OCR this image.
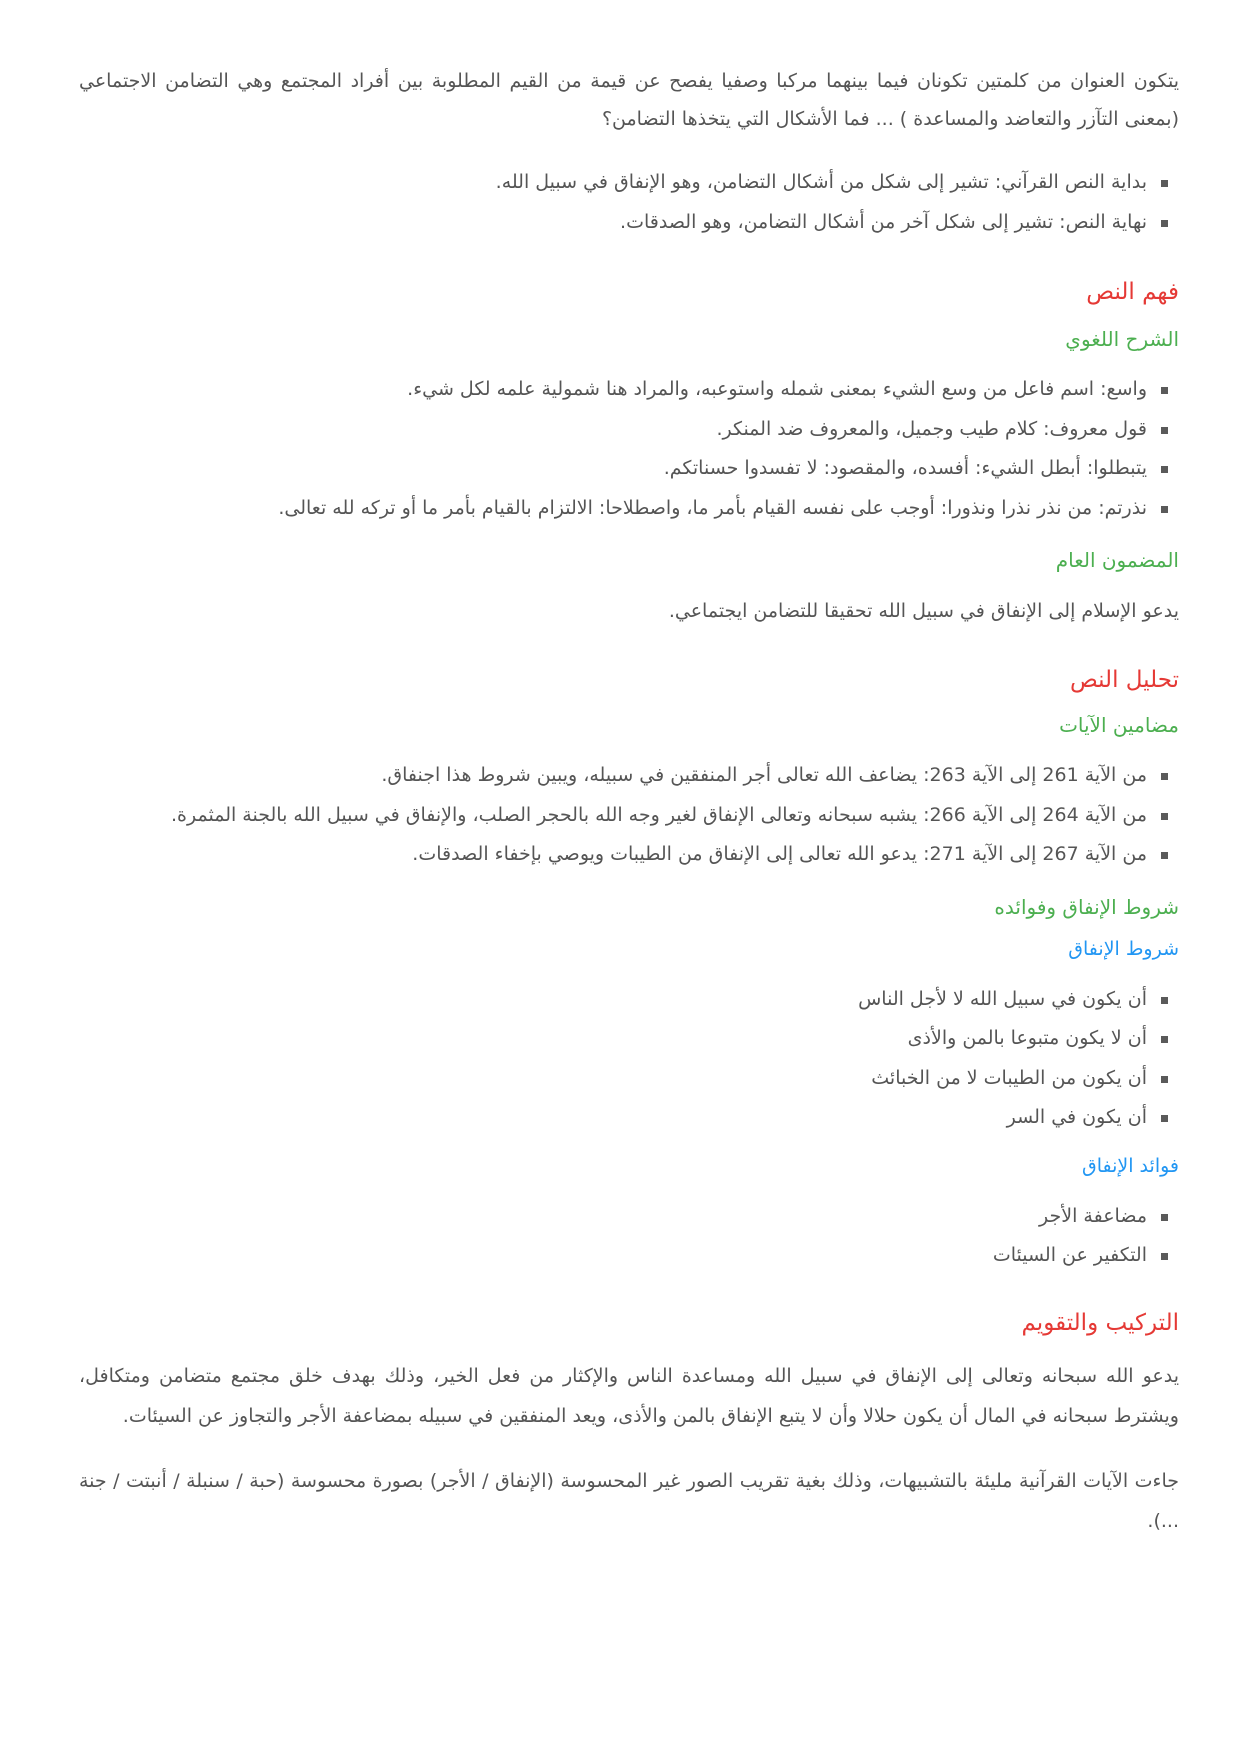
يتكون العنوان من كلمتين تكونان فيما بينهما مركبا وصفيا يفصح عن قيمة من القيم المطلوبة بين أفراد المجتمع وهي التضامن الاجتماعي (بمعنى التآزر والتعاضد والمساعدة ) ... فما الأشكال التي يتخذها التضامن؟

بداية النص القرآني: تشير إلى شكل من أشكال التضامن، وهو الإنفاق في سبيل الله.
نهاية النص: تشير إلى شكل آخر من أشكال التضامن، وهو الصدقات.
فهم النص
الشرح اللغوي
واسع: اسم فاعل من وسع الشيء بمعنى شمله واستوعبه، والمراد هنا شمولية علمه لكل شيء.
قول معروف: كلام طيب وجميل، والمعروف ضد المنكر.
يتبطلوا: أبطل الشيء: أفسده، والمقصود: لا تفسدوا حسناتكم.
نذرتم: من نذر نذرا ونذورا: أوجب على نفسه القيام بأمر ما، واصطلاحا: الالتزام بالقيام بأمر ما أو تركه لله تعالى.
المضمون العام

يدعو الإسلام إلى الإنفاق في سبيل الله تحقيقا للتضامن ايجتماعي.

تحليل النص
مضامين الآيات
من الآية 261 إلى الآية 263: يضاعف الله تعالى أجر المنفقين في سبيله، ويبين شروط هذا اجنفاق.
من الآية 264 إلى الآية 266: يشبه سبحانه وتعالى الإنفاق لغير وجه الله بالحجر الصلب، والإنفاق في سبيل الله بالجنة المثمرة.
من الآية 267 إلى الآية 271: يدعو الله تعالى إلى الإنفاق من الطيبات ويوصي بإخفاء الصدقات.
شروط الإنفاق وفوائده
شروط الإنفاق
أن يكون في سبيل الله لا لأجل الناس
أن لا يكون متبوعا بالمن والأذى
أن يكون من الطيبات لا من الخبائث
أن يكون في السر
فوائد الإنفاق
مضاعفة الأجر
التكفير عن السيئات
التركيب والتقويم

يدعو الله سبحانه وتعالى إلى الإنفاق في سبيل الله ومساعدة الناس والإكثار من فعل الخير، وذلك بهدف خلق مجتمع متضامن ومتكافل، ويشترط سبحانه في المال أن يكون حلالا وأن لا يتبع الإنفاق بالمن والأذى، ويعد المنفقين في سبيله بمضاعفة الأجر والتجاوز عن السيئات.

جاءت الآيات القرآنية مليئة بالتشبيهات، وذلك بغية تقريب الصور غير المحسوسة (الإنفاق / الأجر) بصورة محسوسة (حبة / سنبلة / أنبتت / جنة ...).
